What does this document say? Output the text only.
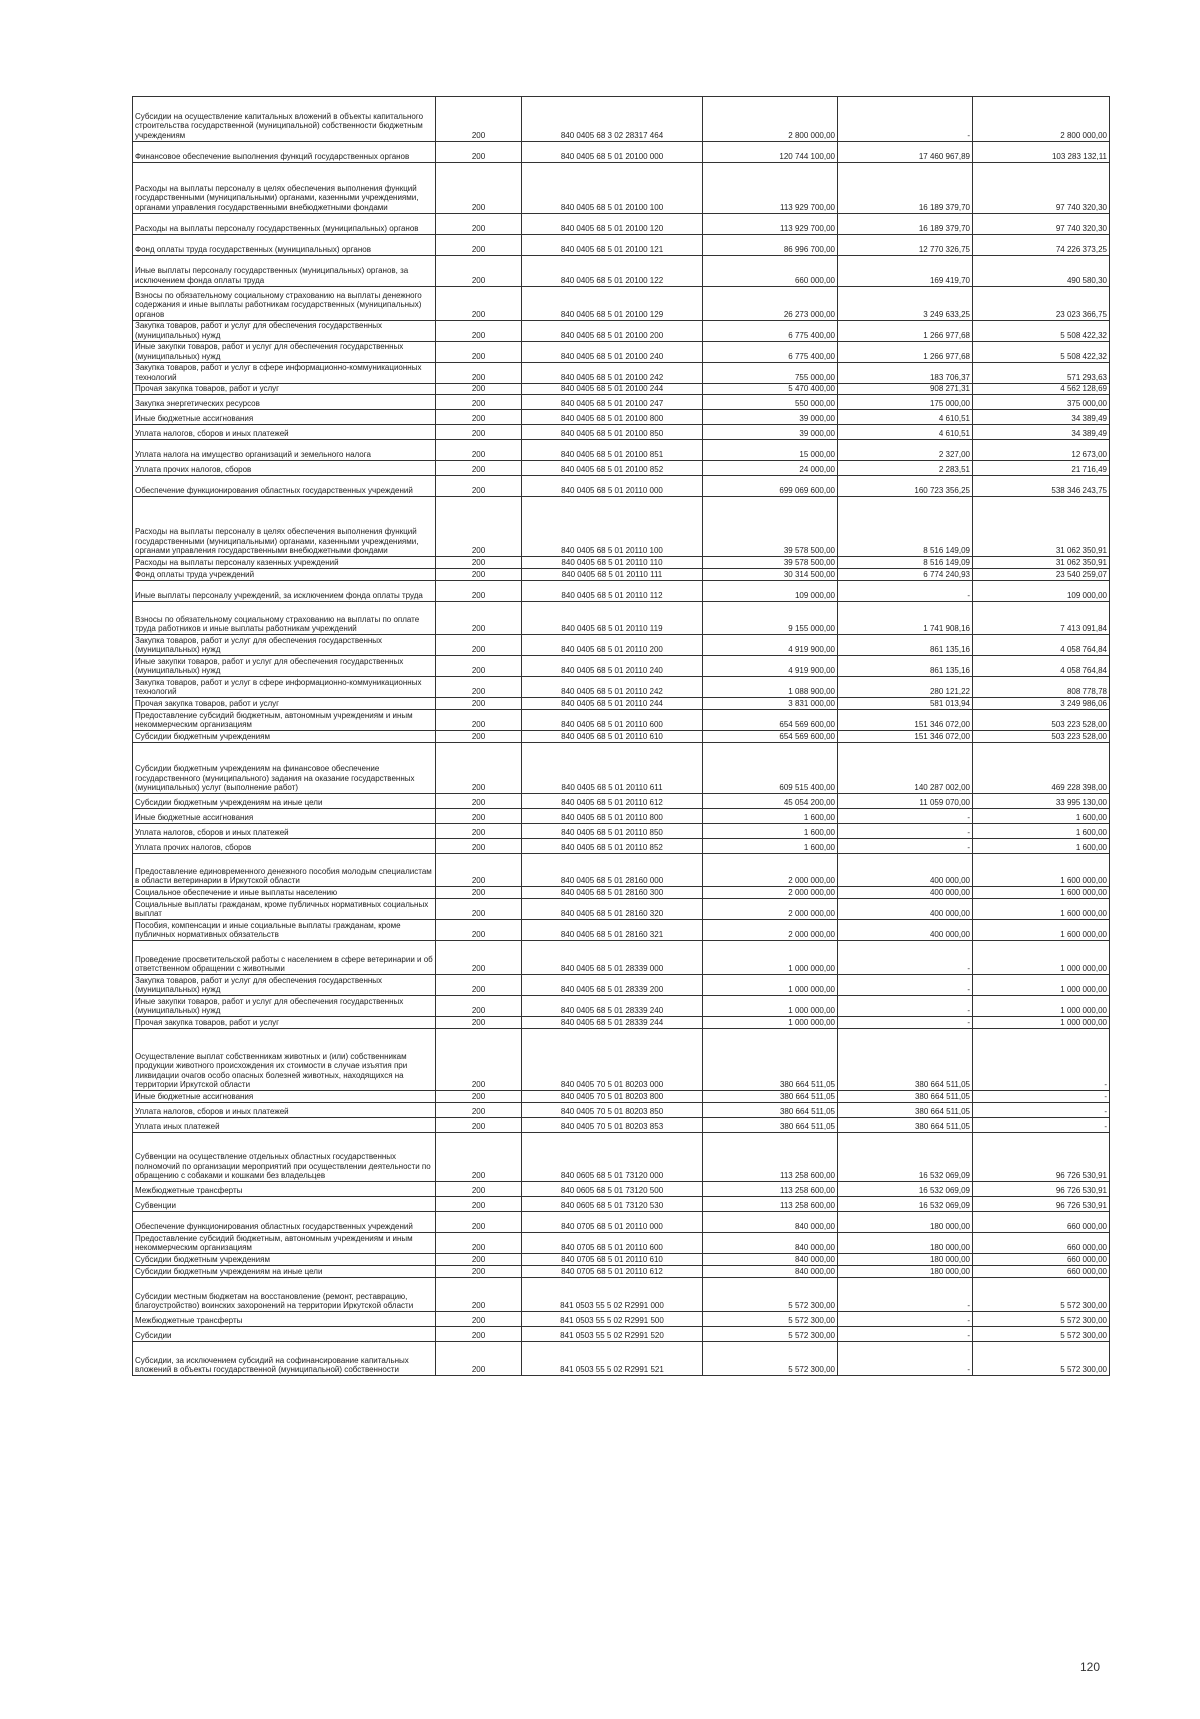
Субсидии на осуществление капитальных вложений в объекты капитального строительства государственной (муниципальной) собственности бюджетным учреждениям	200	840 0405 68 3 02 28317 464	2 800 000,00	-	2 800 000,00
Финансовое обеспечение выполнения функций государственных органов	200	840 0405 68 5 01 20100 000	120 744 100,00	17 460 967,89	103 283 132,11
Расходы на выплаты персоналу в целях обеспечения выполнения функций государственными (муниципальными) органами, казенными учреждениями, органами управления государственными внебюджетными фондами	200	840 0405 68 5 01 20100 100	113 929 700,00	16 189 379,70	97 740 320,30
Расходы на выплаты персоналу государственных (муниципальных) органов	200	840 0405 68 5 01 20100 120	113 929 700,00	16 189 379,70	97 740 320,30
Фонд оплаты труда государственных (муниципальных) органов	200	840 0405 68 5 01 20100 121	86 996 700,00	12 770 326,75	74 226 373,25
Иные выплаты персоналу государственных (муниципальных) органов, за исключением фонда оплаты труда	200	840 0405 68 5 01 20100 122	660 000,00	169 419,70	490 580,30
Взносы по обязательному социальному страхованию на выплаты денежного содержания и иные выплаты работникам государственных (муниципальных) органов	200	840 0405 68 5 01 20100 129	26 273 000,00	3 249 633,25	23 023 366,75
Закупка товаров, работ и услуг для обеспечения государственных (муниципальных) нужд	200	840 0405 68 5 01 20100 200	6 775 400,00	1 266 977,68	5 508 422,32
Иные закупки товаров, работ и услуг для обеспечения государственных (муниципальных) нужд	200	840 0405 68 5 01 20100 240	6 775 400,00	1 266 977,68	5 508 422,32
Закупка товаров, работ и услуг в сфере информационно-коммуникационных технологий	200	840 0405 68 5 01 20100 242	755 000,00	183 706,37	571 293,63
Прочая закупка товаров, работ и услуг	200	840 0405 68 5 01 20100 244	5 470 400,00	908 271,31	4 562 128,69
Закупка энергетических ресурсов	200	840 0405 68 5 01 20100 247	550 000,00	175 000,00	375 000,00
Иные бюджетные ассигнования	200	840 0405 68 5 01 20100 800	39 000,00	4 610,51	34 389,49
Уплата налогов, сборов и иных платежей	200	840 0405 68 5 01 20100 850	39 000,00	4 610,51	34 389,49
Уплата налога на имущество организаций и земельного налога	200	840 0405 68 5 01 20100 851	15 000,00	2 327,00	12 673,00
Уплата прочих налогов, сборов	200	840 0405 68 5 01 20100 852	24 000,00	2 283,51	21 716,49
Обеспечение функционирования областных государственных учреждений	200	840 0405 68 5 01 20110 000	699 069 600,00	160 723 356,25	538 346 243,75
Расходы на выплаты персоналу в целях обеспечения выполнения функций государственными (муниципальными) органами, казенными учреждениями, органами управления государственными внебюджетными фондами	200	840 0405 68 5 01 20110 100	39 578 500,00	8 516 149,09	31 062 350,91
Расходы на выплаты персоналу казенных учреждений	200	840 0405 68 5 01 20110 110	39 578 500,00	8 516 149,09	31 062 350,91
Фонд оплаты труда учреждений	200	840 0405 68 5 01 20110 111	30 314 500,00	6 774 240,93	23 540 259,07
Иные выплаты персоналу учреждений, за исключением фонда оплаты труда	200	840 0405 68 5 01 20110 112	109 000,00	-	109 000,00
Взносы по обязательному социальному страхованию на выплаты по оплате труда работников и иные выплаты работникам учреждений	200	840 0405 68 5 01 20110 119	9 155 000,00	1 741 908,16	7 413 091,84
Закупка товаров, работ и услуг для обеспечения государственных (муниципальных) нужд	200	840 0405 68 5 01 20110 200	4 919 900,00	861 135,16	4 058 764,84
Иные закупки товаров, работ и услуг для обеспечения государственных (муниципальных) нужд	200	840 0405 68 5 01 20110 240	4 919 900,00	861 135,16	4 058 764,84
Закупка товаров, работ и услуг в сфере информационно-коммуникационных технологий	200	840 0405 68 5 01 20110 242	1 088 900,00	280 121,22	808 778,78
Прочая закупка товаров, работ и услуг	200	840 0405 68 5 01 20110 244	3 831 000,00	581 013,94	3 249 986,06
Предоставление субсидий бюджетным, автономным учреждениям и иным некоммерческим организациям	200	840 0405 68 5 01 20110 600	654 569 600,00	151 346 072,00	503 223 528,00
Субсидии бюджетным учреждениям	200	840 0405 68 5 01 20110 610	654 569 600,00	151 346 072,00	503 223 528,00
Субсидии бюджетным учреждениям на финансовое обеспечение государственного (муниципального) задания на оказание государственных (муниципальных) услуг (выполнение работ)	200	840 0405 68 5 01 20110 611	609 515 400,00	140 287 002,00	469 228 398,00
Субсидии бюджетным учреждениям на иные цели	200	840 0405 68 5 01 20110 612	45 054 200,00	11 059 070,00	33 995 130,00
Иные бюджетные ассигнования	200	840 0405 68 5 01 20110 800	1 600,00	-	1 600,00
Уплата налогов, сборов и иных платежей	200	840 0405 68 5 01 20110 850	1 600,00	-	1 600,00
Уплата прочих налогов, сборов	200	840 0405 68 5 01 20110 852	1 600,00	-	1 600,00
Предоставление единовременного денежного пособия молодым специалистам в области ветеринарии в Иркутской области	200	840 0405 68 5 01 28160 000	2 000 000,00	400 000,00	1 600 000,00
Социальное обеспечение и иные выплаты населению	200	840 0405 68 5 01 28160 300	2 000 000,00	400 000,00	1 600 000,00
Социальные выплаты гражданам, кроме публичных нормативных социальных выплат	200	840 0405 68 5 01 28160 320	2 000 000,00	400 000,00	1 600 000,00
Пособия, компенсации и иные социальные выплаты гражданам, кроме публичных нормативных обязательств	200	840 0405 68 5 01 28160 321	2 000 000,00	400 000,00	1 600 000,00
Проведение просветительской работы с населением в сфере ветеринарии и об ответственном обращении с животными	200	840 0405 68 5 01 28339 000	1 000 000,00	-	1 000 000,00
Закупка товаров, работ и услуг для обеспечения государственных (муниципальных) нужд	200	840 0405 68 5 01 28339 200	1 000 000,00	-	1 000 000,00
Иные закупки товаров, работ и услуг для обеспечения государственных (муниципальных) нужд	200	840 0405 68 5 01 28339 240	1 000 000,00	-	1 000 000,00
Прочая закупка товаров, работ и услуг	200	840 0405 68 5 01 28339 244	1 000 000,00	-	1 000 000,00
Осуществление выплат собственникам животных и (или) собственникам продукции животного происхождения их стоимости в случае изъятия при ликвидации очагов особо опасных болезней животных, находящихся на территории Иркутской области	200	840 0405 70 5 01 80203 000	380 664 511,05	380 664 511,05	-
Иные бюджетные ассигнования	200	840 0405 70 5 01 80203 800	380 664 511,05	380 664 511,05	-
Уплата налогов, сборов и иных платежей	200	840 0405 70 5 01 80203 850	380 664 511,05	380 664 511,05	-
Уплата иных платежей	200	840 0405 70 5 01 80203 853	380 664 511,05	380 664 511,05	-
Субвенции на осуществление отдельных областных государственных полномочий по организации мероприятий при осуществлении деятельности по обращению с собаками и кошками без владельцев	200	840 0605 68 5 01 73120 000	113 258 600,00	16 532 069,09	96 726 530,91
Межбюджетные трансферты	200	840 0605 68 5 01 73120 500	113 258 600,00	16 532 069,09	96 726 530,91
Субвенции	200	840 0605 68 5 01 73120 530	113 258 600,00	16 532 069,09	96 726 530,91
Обеспечение функционирования областных государственных учреждений	200	840 0705 68 5 01 20110 000	840 000,00	180 000,00	660 000,00
Предоставление субсидий бюджетным, автономным учреждениям и иным некоммерческим организациям	200	840 0705 68 5 01 20110 600	840 000,00	180 000,00	660 000,00
Субсидии бюджетным учреждениям	200	840 0705 68 5 01 20110 610	840 000,00	180 000,00	660 000,00
Субсидии бюджетным учреждениям на иные цели	200	840 0705 68 5 01 20110 612	840 000,00	180 000,00	660 000,00
Субсидии местным бюджетам на восстановление (ремонт, реставрацию, благоустройство) воинских захоронений на территории Иркутской области	200	841 0503 55 5 02 R2991 000	5 572 300,00	-	5 572 300,00
Межбюджетные трансферты	200	841 0503 55 5 02 R2991 500	5 572 300,00	-	5 572 300,00
Субсидии	200	841 0503 55 5 02 R2991 520	5 572 300,00	-	5 572 300,00
Субсидии, за исключением субсидий на софинансирование капитальных вложений в объекты государственной (муниципальной) собственности	200	841 0503 55 5 02 R2991 521	5 572 300,00	-	5 572 300,00
120
